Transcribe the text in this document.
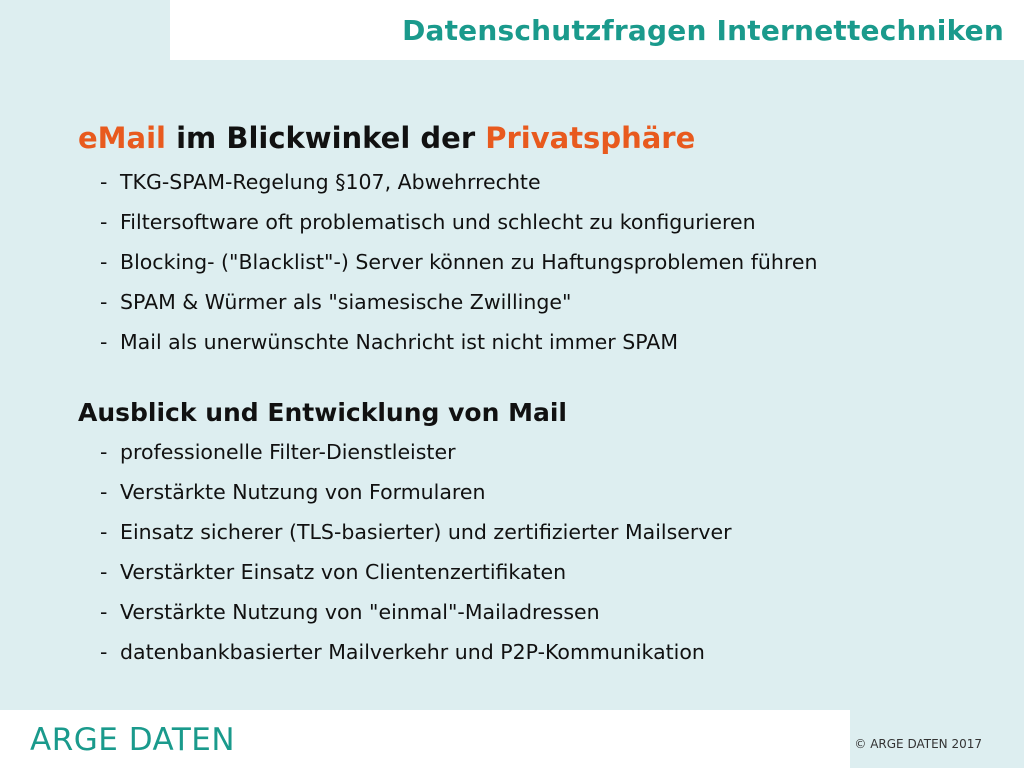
Datenschutzfragen Internettechniken
eMail im Blickwinkel der Privatsphäre
- TKG-SPAM-Regelung §107, Abwehrrechte
- Filtersoftware oft problematisch und schlecht zu konfigurieren
- Blocking- ("Blacklist"-) Server können zu Haftungsproblemen führen
- SPAM & Würmer als "siamesische Zwillinge"
- Mail als unerwünschte Nachricht ist nicht immer SPAM
Ausblick und Entwicklung von Mail
- professionelle Filter-Dienstleister
- Verstärkte Nutzung von Formularen
- Einsatz sicherer (TLS-basierter) und zertifizierter Mailserver
- Verstärkter Einsatz von Clientenzertifikaten
- Verstärkte Nutzung von "einmal"-Mailadressen
- datenbankbasierter Mailverkehr und P2P-Kommunikation
ARGE DATEN	© ARGE DATEN 2017
